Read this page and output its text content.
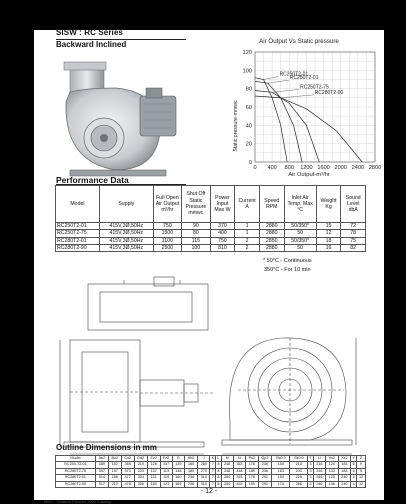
SISW : RC Series
Backward Inclined	Air Output Vs Static pressure
Static pressure-mmwc
Air Output-m³/hr
0 400 800 1200 1600 2000 2400 2800
0
20
40
60
80
100
120
RC250T2-01
RC280T2-01
RC250T2-75
RC280T2-90
Performance Data
Model	Supply	Full Open Air Output m³/hr	Shut Off Static Pressure mmwc	Power Input Max W	Current A	Speed RPM	Inlet Air Temp. Max °C	Weight Kg	Sound Level dbA
RC250T2-01	415V,3Ø,50Hz	750	90	370	1	2880	50/350*	15	72
RC250T2-75	415V,3Ø,50Hz	1500	80	400	1	2880	50	12	78
RC280T2-01	415V,3Ø,50Hz	1100	115	750	2	2850	50/350*	18	75
RC280T2-90	415V,3Ø,50Hz	2500	100	810	2	2880	50	16	82
* 50°C - Continuous
350°C - For 10 min
Outline Dimensions in mm
Model	Ab2	Bo2	Cs2	Dd2	Ez2	Fz2	G	Hb2	J	K	L	M	N	Ps2	Qp2	Rs0.0	Ss0.0	T	U	Vs2	Xz2	Y	Z
RC250-T2-01	389	152	369	219	126	157	139	180	280	7	8	248	353	176	236	150	210	3	216	120	183	6	9
RC250T2-75	397	197	373	223	137	113	148	180	270	7	8	248	418	189	236	163	233	3	216	133	183	6	9
RC280T2-01	514	158	477	304	131	119	160	236	310	7	8	280	393	178	291	153	226	3	246	125	240	4	12
RC280T2-90	517	210	478	306	150	123	169	236	310	7	8	280	433	199	291	174	266	3	246	146	240	4	12
- 12 -
MEC - Outdoor Product 1000 Catalog
